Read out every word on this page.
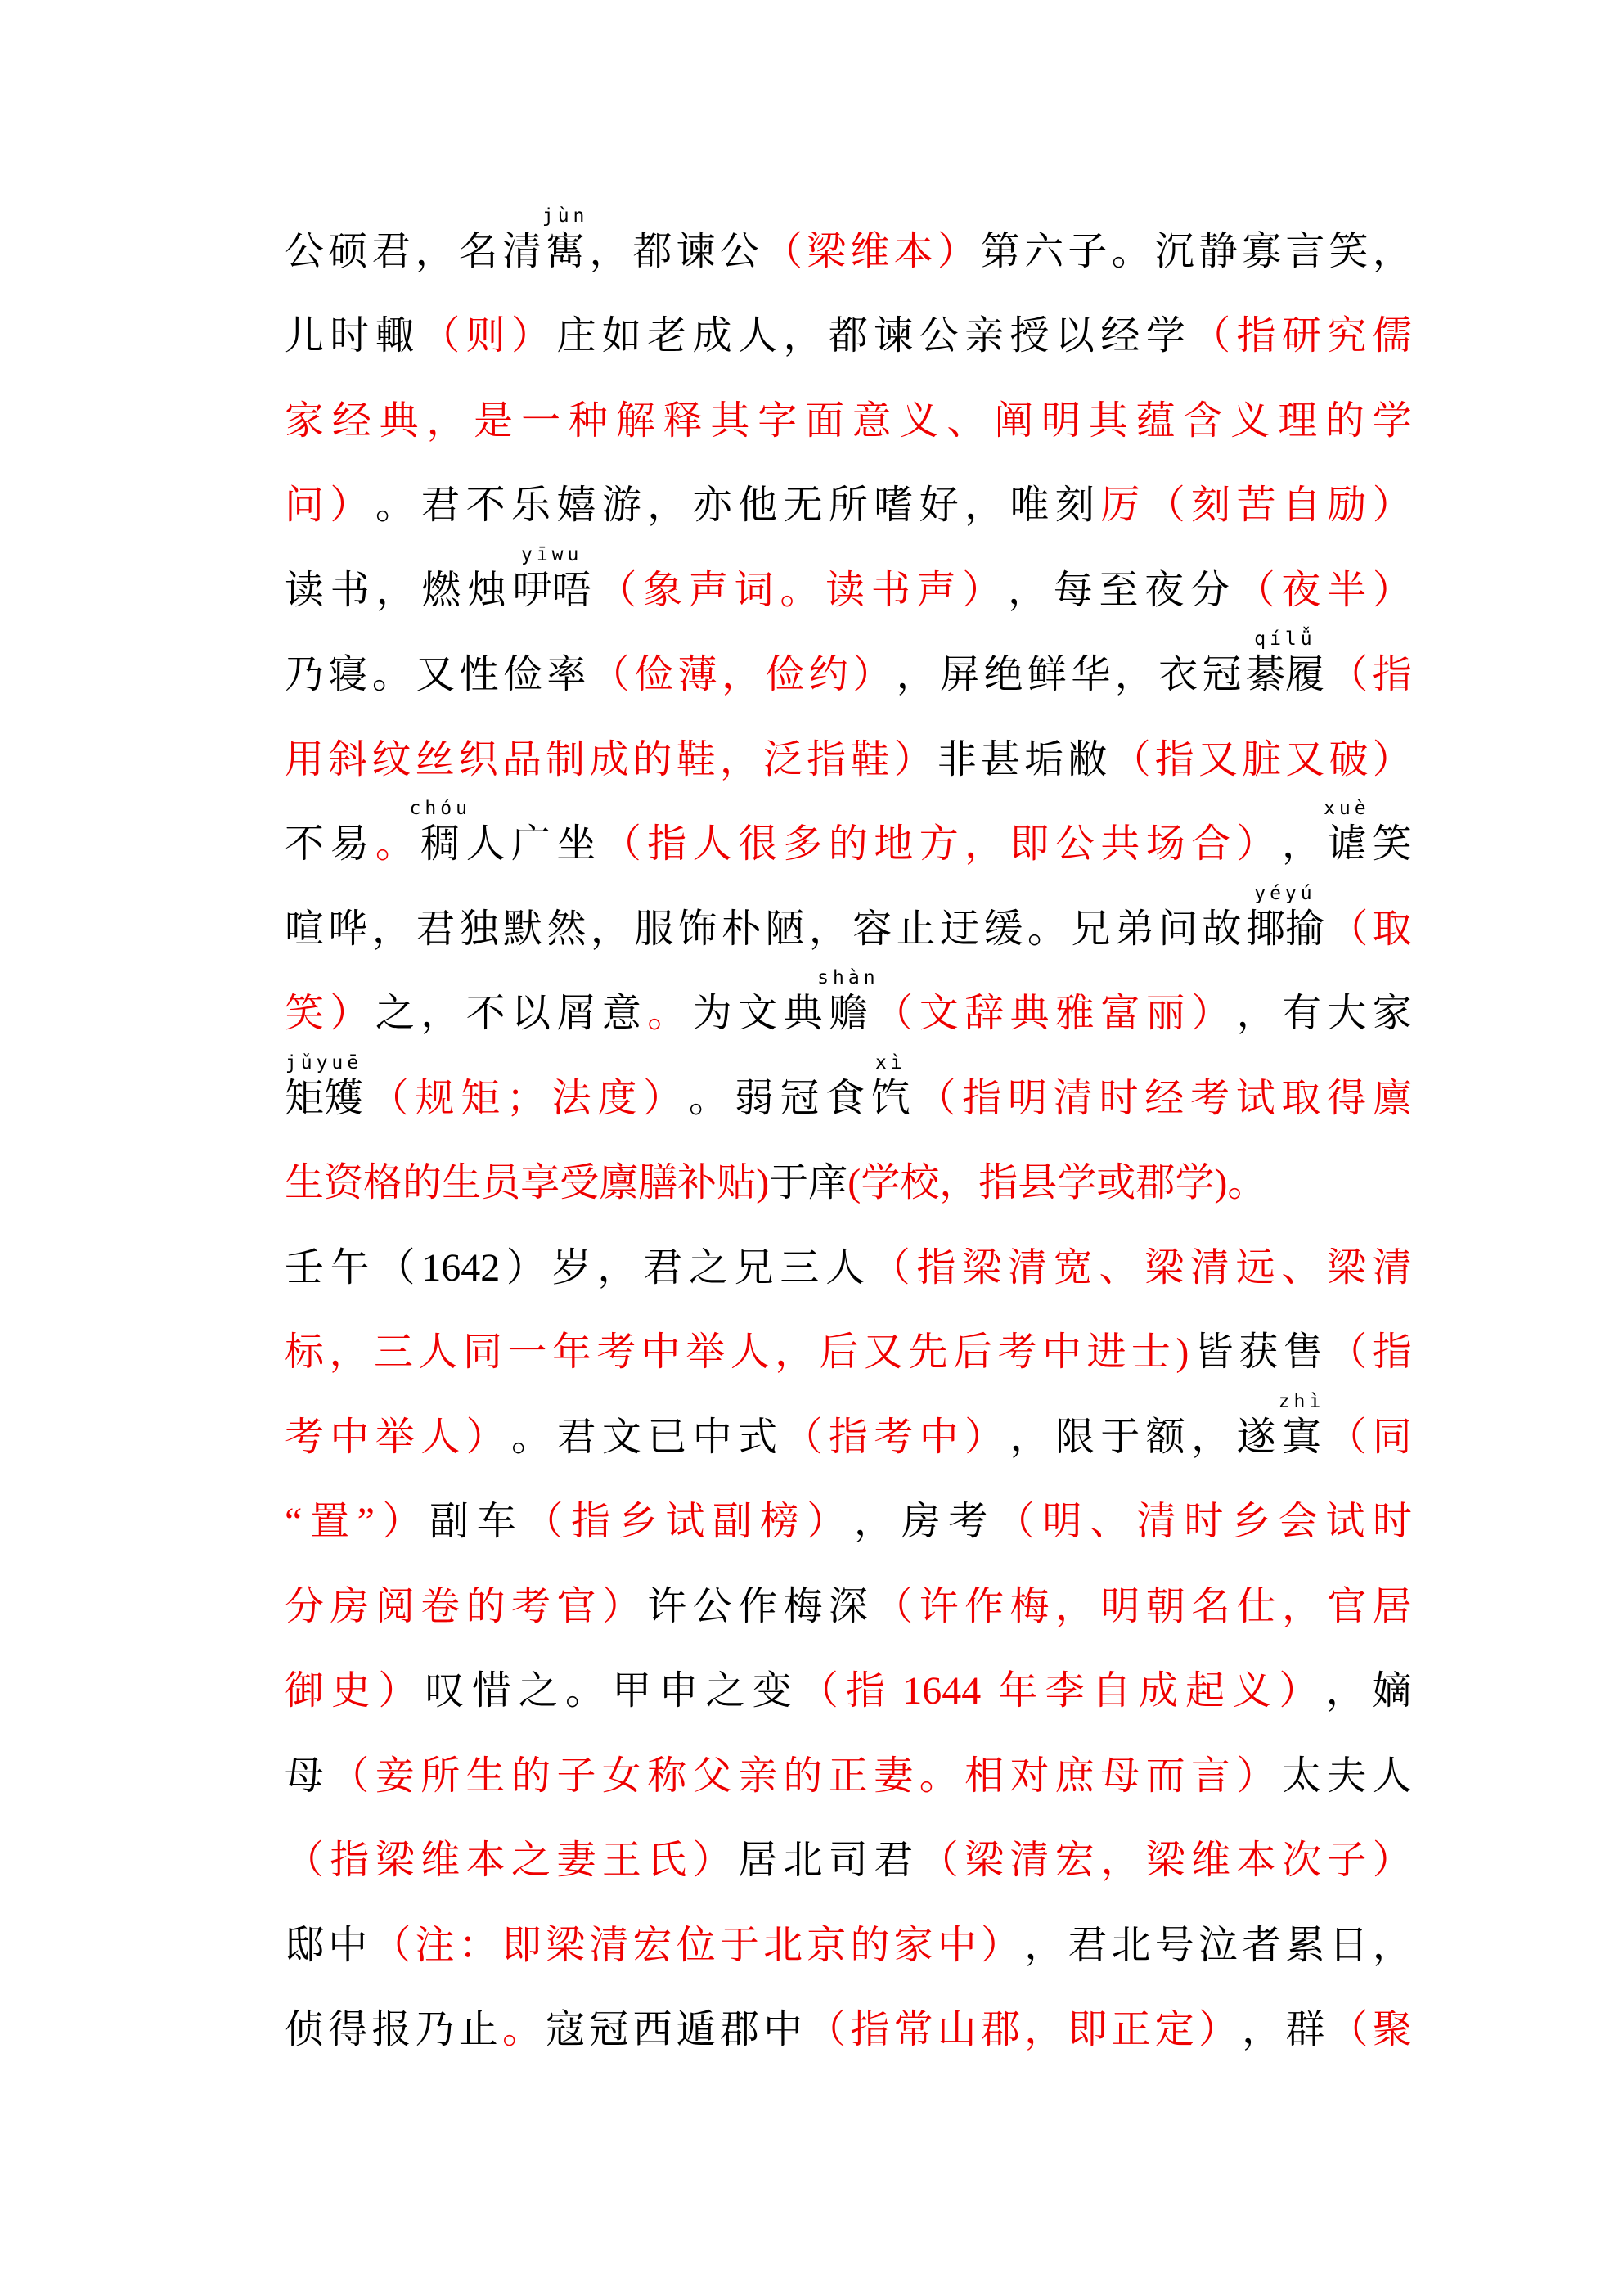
公 硕 君 ， 名 清
jùn
寯 ， 都 谏 公 （ 梁 维 本 ） 第 六 子 。 沉 静 寡 言 笑 ，
儿 时 輙 （ 则 ） 庄 如 老 成 人 ， 都 谏 公 亲 授 以 经 学 （ 指 研 究 儒
家 经 典 ， 是 一 种 解 释 其 字 面 意 义 、 阐 明 其 蕴 含 义 理 的 学
问 ） 。 君 不 乐 嬉 游 ， 亦 他 无 所 嗜 好 ， 唯 刻 厉 （ 刻 苦 自 励 ）
读 书 ， 燃 烛
yīwu
吚唔 （ 象 声 词 。 读 书 声 ） ， 每 至 夜 分 （ 夜 半 ）
乃 寝 。 又 性 俭 率 （ 俭 薄 ， 俭 约 ） ， 屏 绝 鲜 华 ， 衣 冠
qílǚ
綦履 （ 指
用 斜 纹 丝 织 品 制 成 的 鞋 ， 泛 指 鞋 ） 非 甚 垢 敝 （ 指 又 脏 又 破 ）
不 易 。
chóu
稠 人 广 坐 （ 指 人 很 多 的 地 方 ， 即 公 共 场 合 ） ，
xuè
谑 笑
喧 哗 ， 君 独 默 然 ， 服 饰 朴 陋 ， 容 止 迂 缓 。 兄 弟 问 故
yéyú
揶揄 （ 取
笑 ） 之 ， 不 以 屑 意 。 为 文 典
shàn
赡 （ 文 辞 典 雅 富 丽 ） ， 有 大 家
jǔyuē
矩矱 （ 规 矩 ； 法 度 ） 。 弱 冠 食
xì
饩 （ 指 明 清 时 经 考 试 取 得 廪
生 资 格 的 生 员 享 受 廪 膳 补 贴 ) 于 庠 ( 学 校 ， 指 县 学 或 郡 学 ) 。
壬 午 （ 1642 ） 岁 ， 君 之 兄 三 人 （ 指 梁 清 宽 、 梁 清 远 、 梁 清
标 ， 三 人 同 一 年 考 中 举 人 ， 后 又 先 后 考 中 进 士 ) 皆 获 售 （ 指
考 中 举 人 ） 。 君 文 已 中 式 （ 指 考 中 ） ， 限 于 额 ， 遂
zhì
寘 （ 同
“ 置 ” ） 副 车 （ 指 乡 试 副 榜 ） ， 房 考 （ 明 、 清 时 乡 会 试 时
分 房 阅 卷 的 考 官 ） 许 公 作 梅 深 （ 许 作 梅 ， 明 朝 名 仕 ， 官 居
御 史 ） 叹 惜 之 。 甲 申 之 变 （ 指 1644 年 李 自 成 起 义 ） ， 嫡
母 （ 妾 所 生 的 子 女 称 父 亲 的 正 妻 。 相 对 庶 母 而 言 ） 太 夫 人
（ 指 梁 维 本 之 妻 王 氏 ） 居 北 司 君 （ 梁 清 宏 ， 梁 维 本 次 子 ）
邸 中 （ 注 ： 即 梁 清 宏 位 于 北 京 的 家 中 ） ， 君 北 号 泣 者 累 日 ，
侦 得 报 乃 止 。 寇 冠 西 遁 郡 中 （ 指 常 山 郡 ， 即 正 定 ） ， 群 （ 聚
